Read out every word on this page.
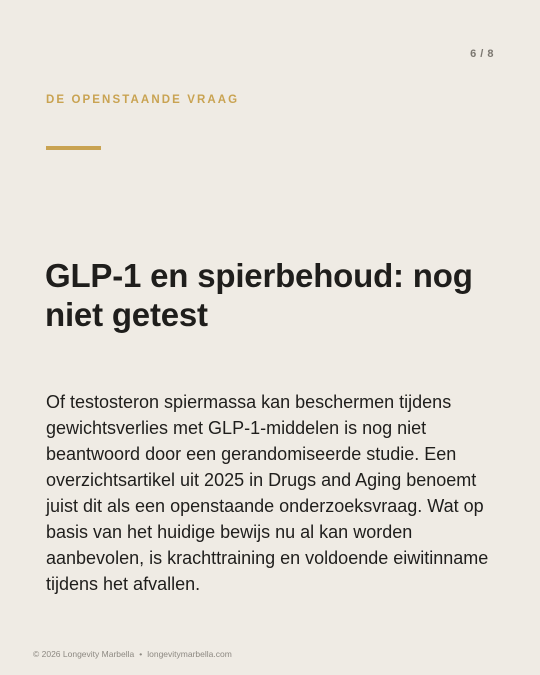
6 / 8
DE OPENSTAANDE VRAAG
GLP-1 en spierbehoud: nog niet getest

Of testosteron spiermassa kan beschermen tijdens gewichtsverlies met GLP-1-middelen is nog niet beantwoord door een gerandomiseerde studie. Een overzichtsartikel uit 2025 in Drugs and Aging benoemt juist dit als een openstaande onderzoeksvraag. Wat op basis van het huidige bewijs nu al kan worden aanbevolen, is krachttraining en voldoende eiwitinname tijdens het afvallen.

© 2026 Longevity Marbella • longevitymarbella.com
